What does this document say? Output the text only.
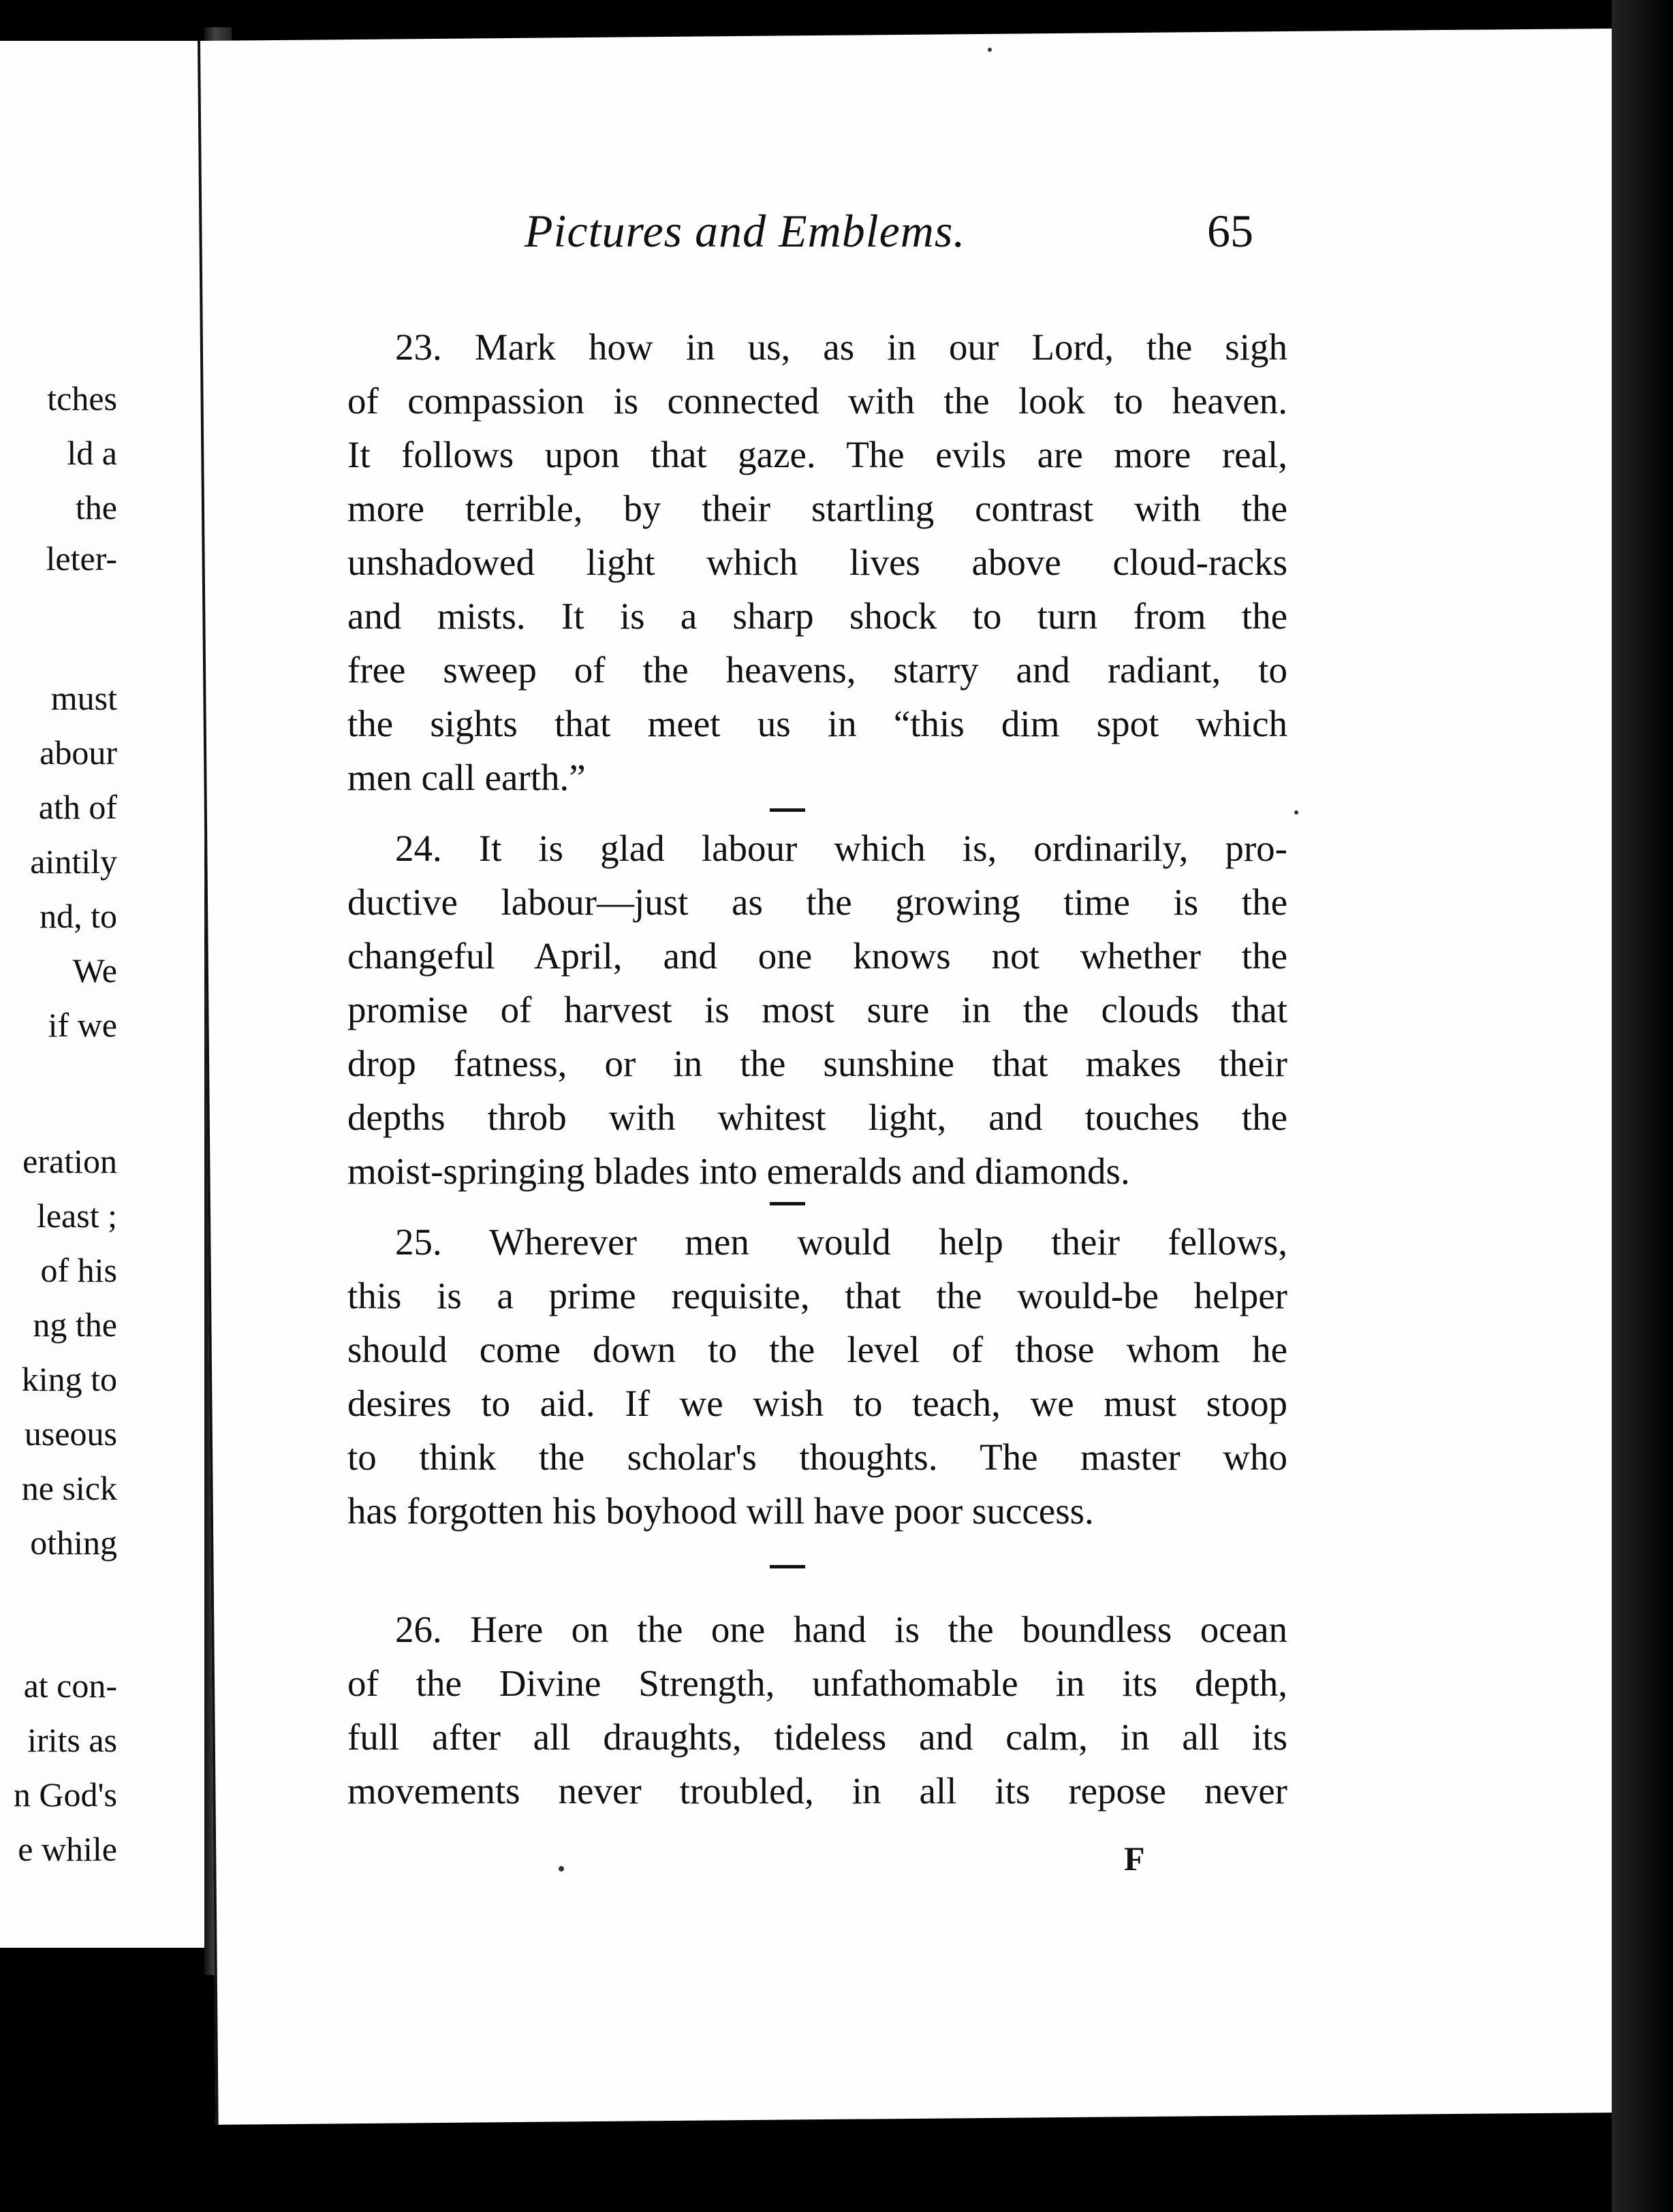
tches
ld a
the
leter-
must
abour
ath of
aintily
nd, to
We
if we
eration
least ;
of his
ng the
king to
useous
ne sick
othing
at con-
irits as
n God's
e while
Pictures and Emblems.	65
23. Mark how in us, as in our Lord, the sigh
of compassion is connected with the look to heaven.
It follows upon that gaze. The evils are more real,
more terrible, by their startling contrast with the
unshadowed light which lives above cloud-racks
and mists. It is a sharp shock to turn from the
free sweep of the heavens, starry and radiant, to
the sights that meet us in “this dim spot which
men call earth.”
24. It is glad labour which is, ordinarily, pro-
ductive labour—just as the growing time is the
changeful April, and one knows not whether the
promise of harvest is most sure in the clouds that
drop fatness, or in the sunshine that makes their
depths throb with whitest light, and touches the
moist-springing blades into emeralds and diamonds.
25. Wherever men would help their fellows,
this is a prime requisite, that the would-be helper
should come down to the level of those whom he
desires to aid. If we wish to teach, we must stoop
to think the scholar's thoughts. The master who
has forgotten his boyhood will have poor success.
26. Here on the one hand is the boundless ocean
of the Divine Strength, unfathomable in its depth,
full after all draughts, tideless and calm, in all its
movements never troubled, in all its repose never
F
